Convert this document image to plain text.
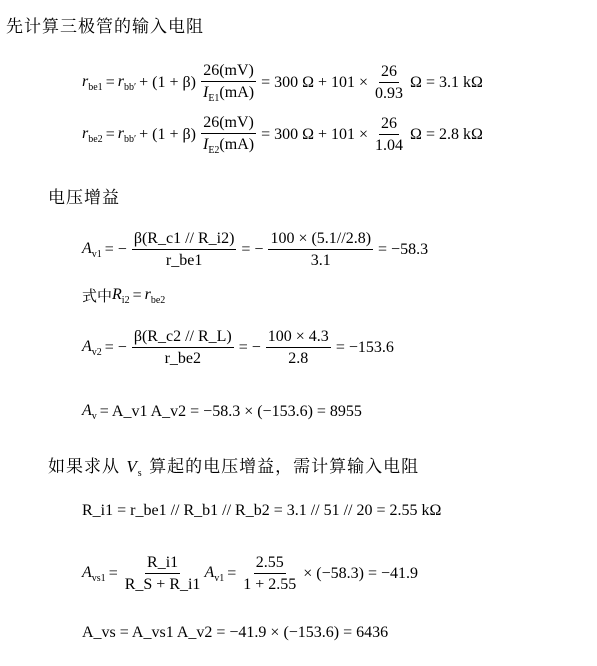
先计算三极管的输入电阻
$r_{be1} = r_{bb'} + (1 + \beta) \frac{26(mV)}{I_{E1}(mA)} = 300$ $\Omega + 101 \times \frac{26}{0.93}$ Ω = 3.1 kΩ
$r_{be2} = r_{bb'} + (1 + \beta) \frac{26(mV)}{I_{E2}(mA)} = 300$ $\Omega + 101 \times \frac{26}{1.04}$ Ω = 2.8 kΩ
电压增益
$A_{v1}$ = − $\frac{\beta(R\_c1 // R\_i2)}{r\_be1}$ = − $\frac{100 \times (5.1//2.8)}{3.1} = -58.3$
式中 $R_{i2} = r_{be2}$
$A_{v2}$ = − $\frac{\beta(R\_c2 // R\_L)}{r\_be2}$ = − $\frac{100 \times 4.3}{2.8} = -153.6$
$A_v$ = A_v1 A_v2 = −58.3 × (−153.6) = 8955
如果求从 $V_s$ 算起的电压增益，需计算输入电阻
R_i1 = r_be1 // R_b1 // R_b2 = 3.1 // 51 // 20 = 2.55 kΩ
$A_{vs1} = \frac{R\_i1}{R\_S + R\_i1} A_{v1} = \frac{2.55}{1 + 2.55} \times (-58.3) = -41.9$
A_vs = A_vs1 A_v2 = −41.9 × (−153.6) = 6436
